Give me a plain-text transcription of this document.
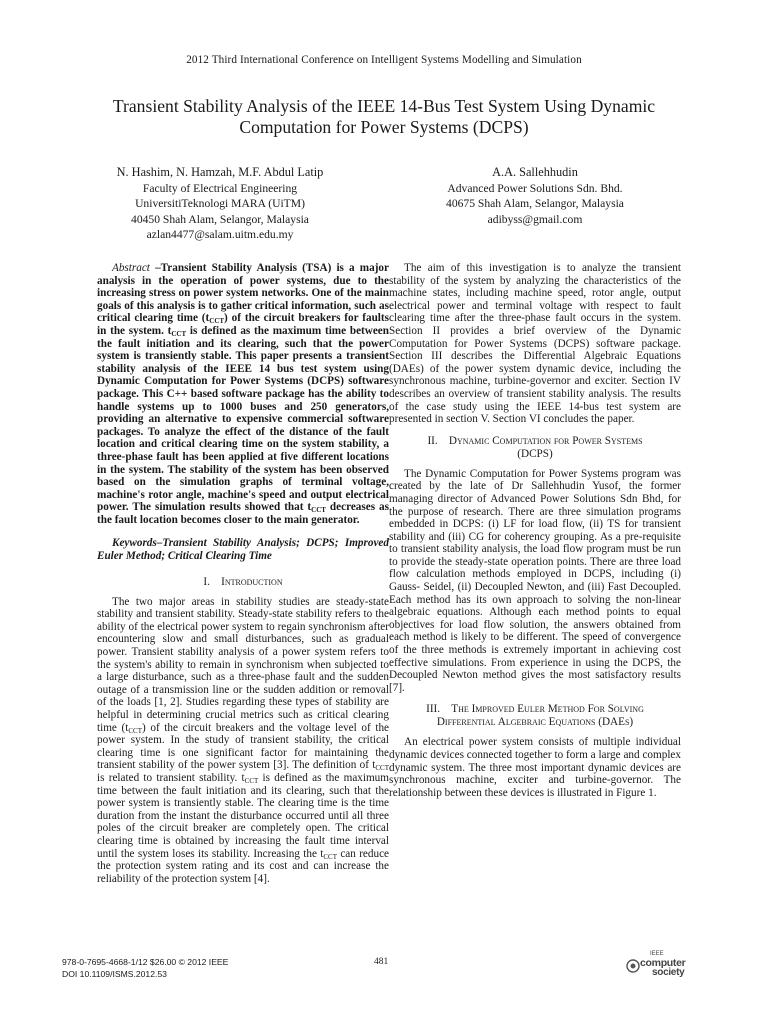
2012 Third International Conference on Intelligent Systems Modelling and Simulation
Transient Stability Analysis of the IEEE 14-Bus Test System Using Dynamic Computation for Power Systems (DCPS)
N. Hashim, N. Hamzah, M.F. Abdul Latip
Faculty of Electrical Engineering
UniversitiTeknologi MARA (UiTM)
40450 Shah Alam, Selangor, Malaysia
azlan4477@salam.uitm.edu.my
A.A. Sallehhudin
Advanced Power Solutions Sdn. Bhd.
40675 Shah Alam, Selangor, Malaysia
adibyss@gmail.com

Abstract –Transient Stability Analysis (TSA) is a major analysis in the operation of power systems, due to the increasing stress on power system networks. One of the main goals of this analysis is to gather critical information, such as critical clearing time $(t_{CCT})$ of the circuit breakers for faults in the system. $t_{CCT}$ is defined as the maximum time between the fault initiation and its clearing, such that the power system is transiently stable. This paper presents a transient stability analysis of the IEEE 14 bus test system using Dynamic Computation for Power Systems (DCPS) software package. This C++ based software package has the ability to handle systems up to 1000 buses and 250 generators, providing an alternative to expensive commercial software packages. To analyze the effect of the distance of the fault location and critical clearing time on the system stability, a three-phase fault has been applied at five different locations in the system. The stability of the system has been observed based on the simulation graphs of terminal voltage, machine's rotor angle, machine's speed and output electrical power. The simulation results showed that $t_{CCT}$ decreases as the fault location becomes closer to the main generator.

Keywords–Transient Stability Analysis; DCPS; Improved Euler Method; Critical Clearing Time

I. Introduction

The two major areas in stability studies are steady-state stability and transient stability. Steady-state stability refers to the ability of the electrical power system to regain synchronism after encountering slow and small disturbances, such as gradual power. Transient stability analysis of a power system refers to the system's ability to remain in synchronism when subjected to a large disturbance, such as a three-phase fault and the sudden outage of a transmission line or the sudden addition or removal of the loads [1, 2]. Studies regarding these types of stability are helpful in determining crucial metrics such as critical clearing time $(t_{CCT})$ of the circuit breakers and the voltage level of the power system. In the study of transient stability, the critical clearing time is one significant factor for maintaining the transient stability of the power system [3]. The definition of $t_{CCT}$ is related to transient stability. $t_{CCT}$ is defined as the maximum time between the fault initiation and its clearing, such that the power system is transiently stable. The clearing time is the time duration from the instant the disturbance occurred until all three poles of the circuit breaker are completely open. The critical clearing time is obtained by increasing the fault time interval until the system loses its stability. Increasing the $t_{CCT}$ can reduce the protection system rating and its cost and can increase the reliability of the protection system [4].

The aim of this investigation is to analyze the transient stability of the system by analyzing the characteristics of the machine states, including machine speed, rotor angle, output electrical power and terminal voltage with respect to fault clearing time after the three-phase fault occurs in the system. Section II provides a brief overview of the Dynamic Computation for Power Systems (DCPS) software package. Section III describes the Differential Algebraic Equations (DAEs) of the power system dynamic device, including the synchronous machine, turbine-governor and exciter. Section IV describes an overview of transient stability analysis. The results of the case study using the IEEE 14-bus test system are presented in section V. Section VI concludes the paper.

II. Dynamic Computation for Power Systems
(DCPS)

The Dynamic Computation for Power Systems program was created by the late of Dr Sallehhudin Yusof, the former managing director of Advanced Power Solutions Sdn Bhd, for the purpose of research. There are three simulation programs embedded in DCPS: (i) LF for load flow, (ii) TS for transient stability and (iii) CG for coherency grouping. As a pre-requisite to transient stability analysis, the load flow program must be run to provide the steady-state operation points. There are three load flow calculation methods employed in DCPS, including (i) Gauss- Seidel, (ii) Decoupled Newton, and (iii) Fast Decoupled. Each method has its own approach to solving the non-linear algebraic equations. Although each method points to equal objectives for load flow solution, the answers obtained from each method is likely to be different. The speed of convergence of the three methods is extremely important in achieving cost effective simulations. From experience in using the DCPS, the Decoupled Newton method gives the most satisfactory results [7].

III. The Improved Euler Method For Solving
Differential Algebraic Equations (DAEs)

An electrical power system consists of multiple individual dynamic devices connected together to form a large and complex dynamic system. The three most important dynamic devices are synchronous machine, exciter and turbine-governor. The relationship between these devices is illustrated in Figure 1.

978-0-7695-4668-1/12 $26.00 © 2012 IEEE
DOI 10.1109/ISMS.2012.53
481
IEEE
computer
society
